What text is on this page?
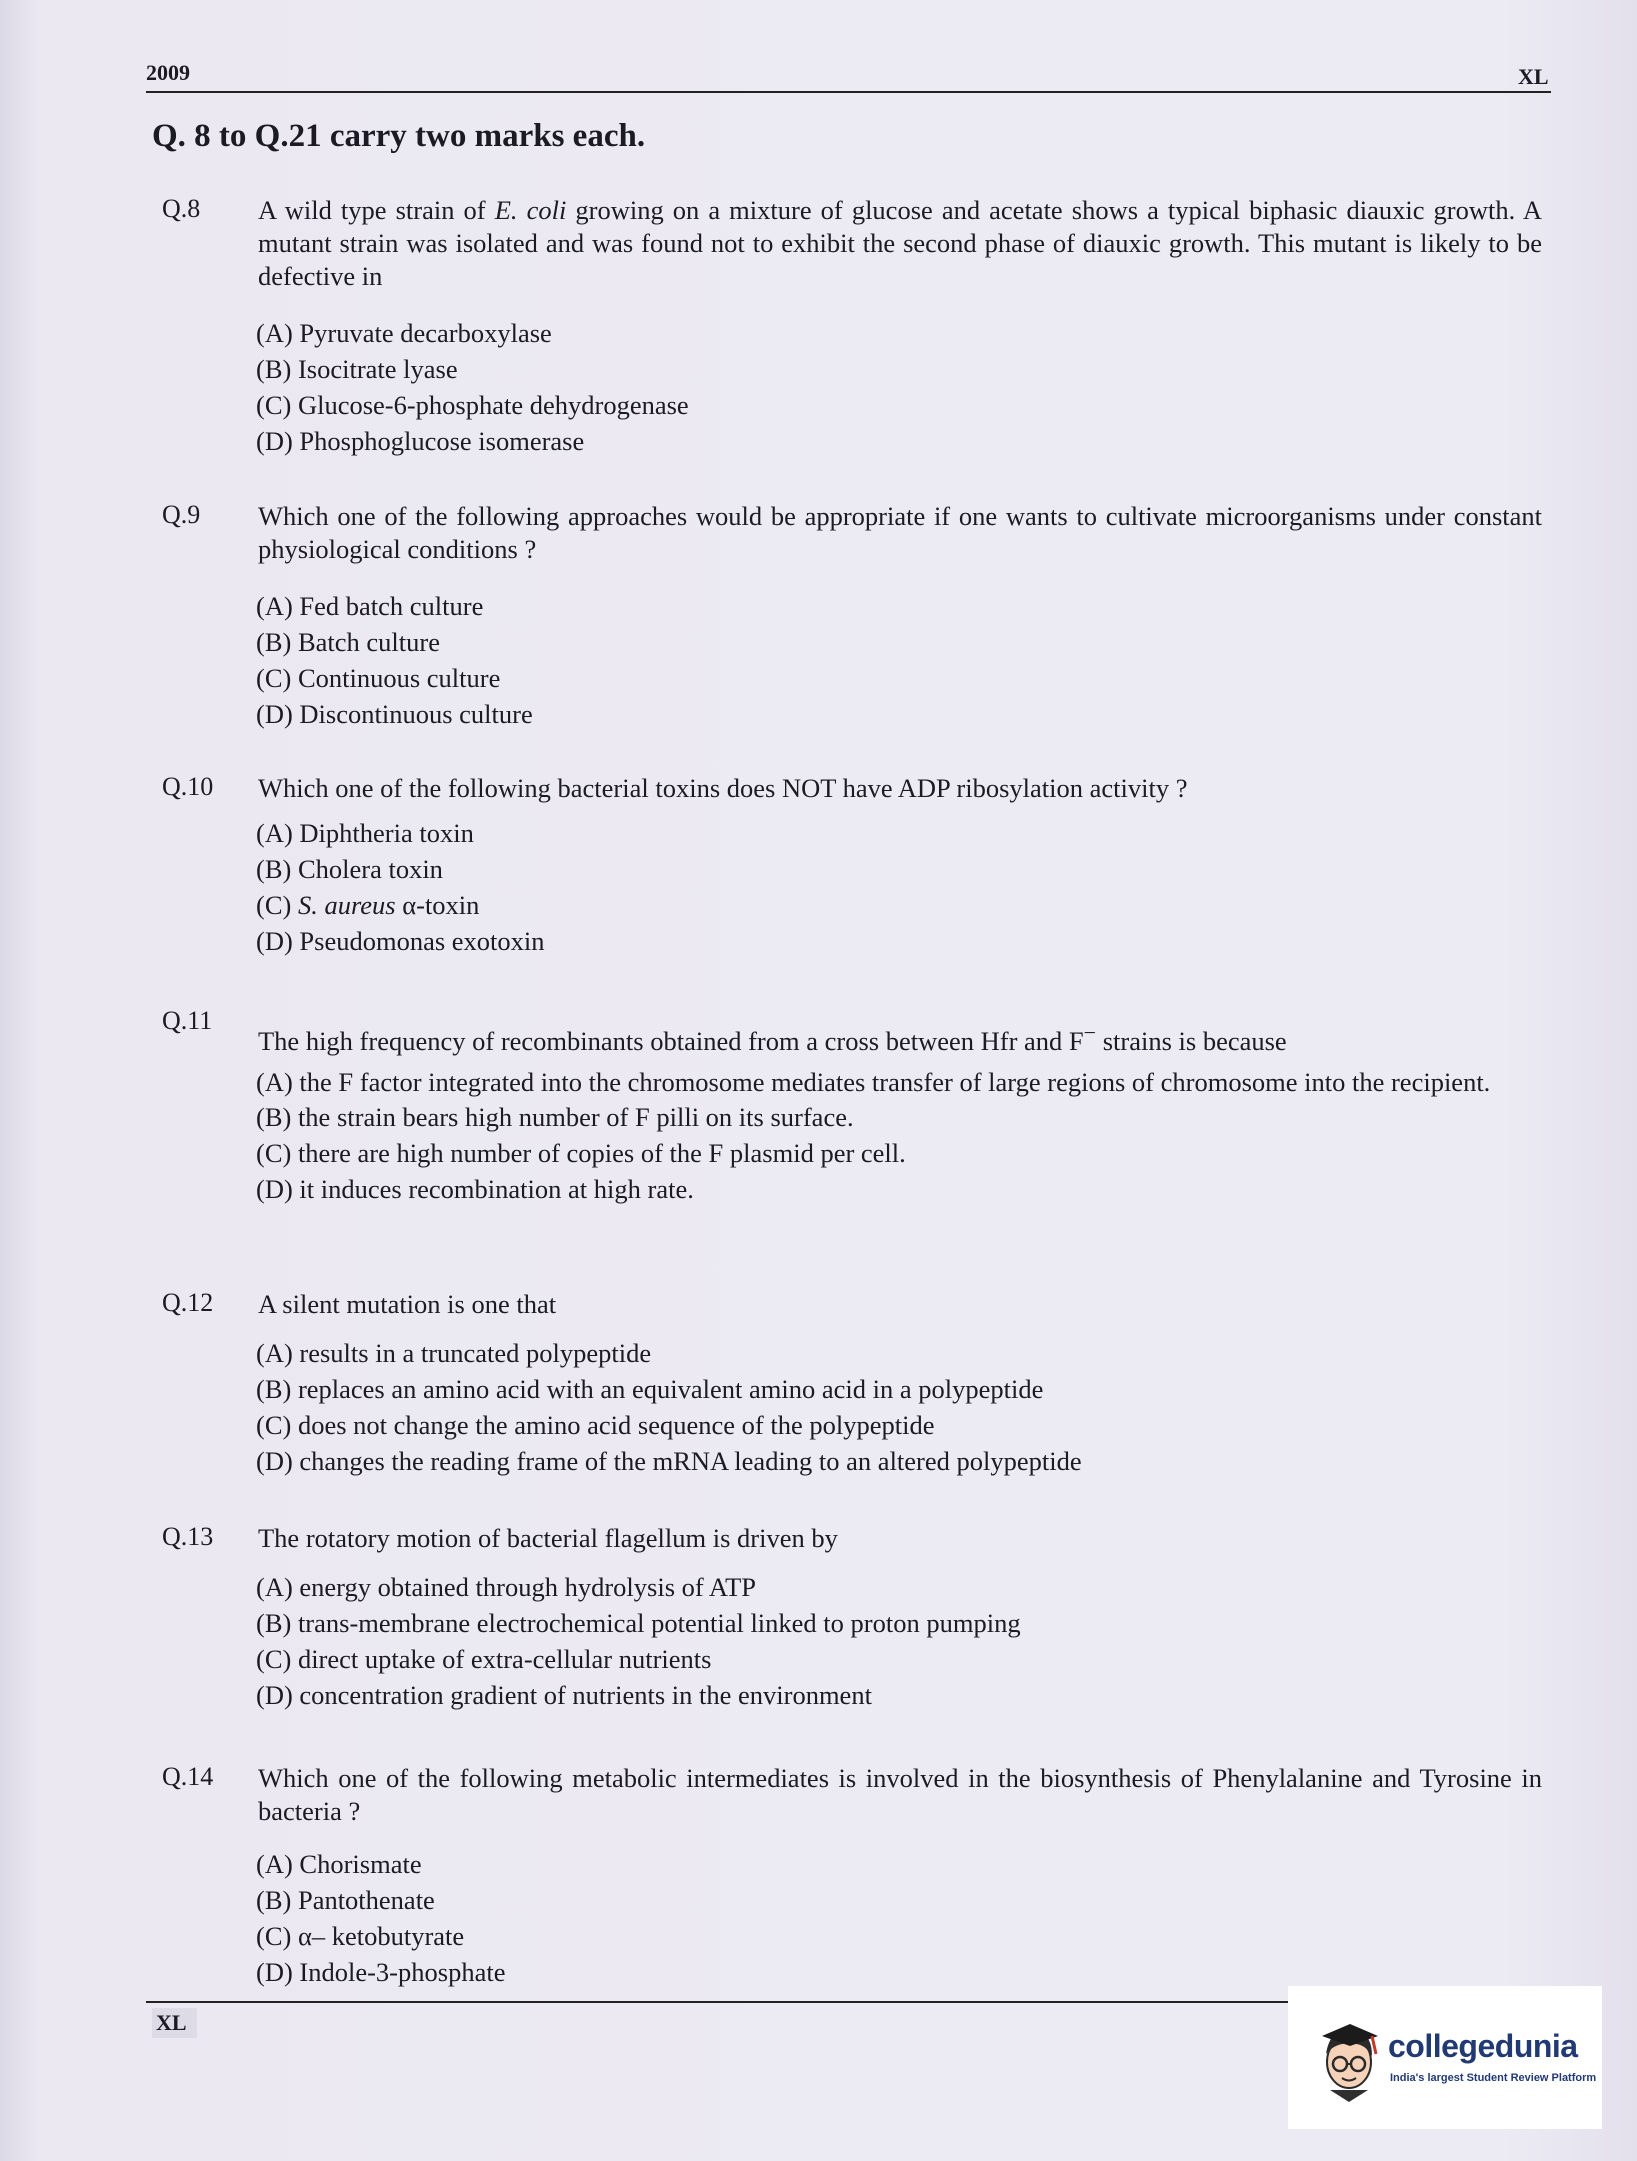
2009	XL
Q. 8 to Q.21 carry two marks each.
Q.8 A wild type strain of E. coli growing on a mixture of glucose and acetate shows a typical biphasic diauxic growth. A mutant strain was isolated and was found not to exhibit the second phase of diauxic growth. This mutant is likely to be defective in
(A) Pyruvate decarboxylase
(B) Isocitrate lyase
(C) Glucose-6-phosphate dehydrogenase
(D) Phosphoglucose isomerase
Q.9 Which one of the following approaches would be appropriate if one wants to cultivate microorganisms under constant physiological conditions ?
(A) Fed batch culture
(B) Batch culture
(C) Continuous culture
(D) Discontinuous culture
Q.10 Which one of the following bacterial toxins does NOT have ADP ribosylation activity ?
(A) Diphtheria toxin
(B) Cholera toxin
(C) S. aureus α-toxin
(D) Pseudomonas exotoxin
Q.11
The high frequency of recombinants obtained from a cross between Hfr and F− strains is because
(A) the F factor integrated into the chromosome mediates transfer of large regions of chromosome into the recipient.
(B) the strain bears high number of F pilli on its surface.
(C) there are high number of copies of the F plasmid per cell.
(D) it induces recombination at high rate.
Q.12 A silent mutation is one that
(A) results in a truncated polypeptide
(B) replaces an amino acid with an equivalent amino acid in a polypeptide
(C) does not change the amino acid sequence of the polypeptide
(D) changes the reading frame of the mRNA leading to an altered polypeptide
Q.13 The rotatory motion of bacterial flagellum is driven by
(A) energy obtained through hydrolysis of ATP
(B) trans-membrane electrochemical potential linked to proton pumping
(C) direct uptake of extra-cellular nutrients
(D) concentration gradient of nutrients in the environment
Q.14 Which one of the following metabolic intermediates is involved in the biosynthesis of Phenylalanine and Tyrosine in bacteria ?
(A) Chorismate
(B) Pantothenate
(C) α– ketobutyrate
(D) Indole-3-phosphate
XL
collegedunia
India's largest Student Review Platform
